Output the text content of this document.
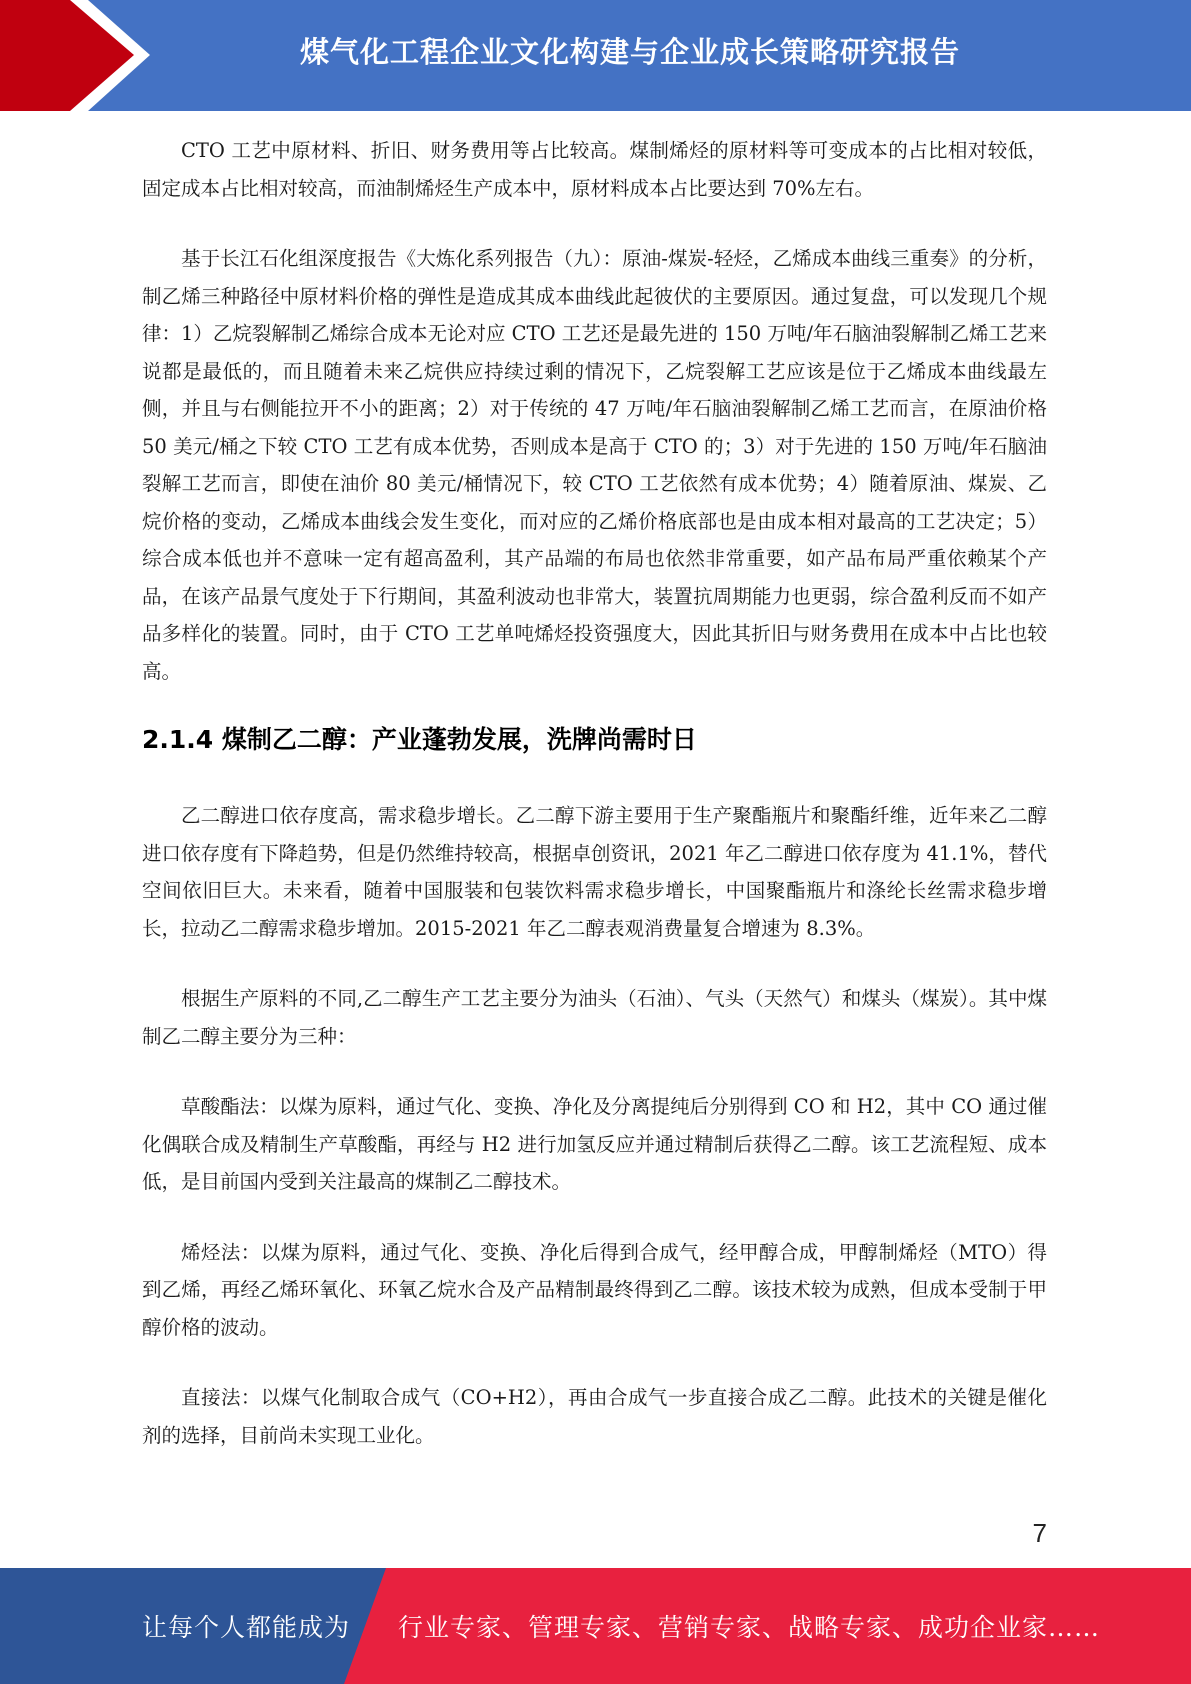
煤气化工程企业文化构建与企业成长策略研究报告

CTO 工艺中原材料、折旧、财务费用等占比较高。煤制烯烃的原材料等可变成本的占比相对较低，固定成本占比相对较高，而油制烯烃生产成本中，原材料成本占比要达到 70%左右。

基于长江石化组深度报告《大炼化系列报告（九）：原油-煤炭-轻烃，乙烯成本曲线三重奏》的分析，制乙烯三种路径中原材料价格的弹性是造成其成本曲线此起彼伏的主要原因。通过复盘，可以发现几个规律：1）乙烷裂解制乙烯综合成本无论对应 CTO 工艺还是最先进的 150 万吨/年石脑油裂解制乙烯工艺来说都是最低的，而且随着未来乙烷供应持续过剩的情况下，乙烷裂解工艺应该是位于乙烯成本曲线最左侧，并且与右侧能拉开不小的距离；2）对于传统的 47 万吨/年石脑油裂解制乙烯工艺而言，在原油价格 50 美元/桶之下较 CTO 工艺有成本优势，否则成本是高于 CTO 的；3）对于先进的 150 万吨/年石脑油裂解工艺而言，即使在油价 80 美元/桶情况下，较 CTO 工艺依然有成本优势；4）随着原油、煤炭、乙烷价格的变动，乙烯成本曲线会发生变化，而对应的乙烯价格底部也是由成本相对最高的工艺决定；5）综合成本低也并不意味一定有超高盈利，其产品端的布局也依然非常重要，如产品布局严重依赖某个产品，在该产品景气度处于下行期间，其盈利波动也非常大，装置抗周期能力也更弱，综合盈利反而不如产品多样化的装置。同时，由于 CTO 工艺单吨烯烃投资强度大，因此其折旧与财务费用在成本中占比也较高。

2.1.4 煤制乙二醇：产业蓬勃发展，洗牌尚需时日

乙二醇进口依存度高，需求稳步增长。乙二醇下游主要用于生产聚酯瓶片和聚酯纤维，近年来乙二醇进口依存度有下降趋势，但是仍然维持较高，根据卓创资讯，2021 年乙二醇进口依存度为 41.1%，替代空间依旧巨大。未来看，随着中国服装和包装饮料需求稳步增长，中国聚酯瓶片和涤纶长丝需求稳步增长，拉动乙二醇需求稳步增加。2015-2021 年乙二醇表观消费量复合增速为 8.3%。

根据生产原料的不同,乙二醇生产工艺主要分为油头（石油）、气头（天然气）和煤头（煤炭）。其中煤制乙二醇主要分为三种：

草酸酯法：以煤为原料，通过气化、变换、净化及分离提纯后分别得到 CO 和 H2，其中 CO 通过催化偶联合成及精制生产草酸酯，再经与 H2 进行加氢反应并通过精制后获得乙二醇。该工艺流程短、成本低，是目前国内受到关注最高的煤制乙二醇技术。

烯烃法：以煤为原料，通过气化、变换、净化后得到合成气，经甲醇合成，甲醇制烯烃（MTO）得到乙烯，再经乙烯环氧化、环氧乙烷水合及产品精制最终得到乙二醇。该技术较为成熟，但成本受制于甲醇价格的波动。

直接法：以煤气化制取合成气（CO+H2），再由合成气一步直接合成乙二醇。此技术的关键是催化剂的选择，目前尚未实现工业化。

7
让每个人都能成为 行业专家、管理专家、营销专家、战略专家、成功企业家……
